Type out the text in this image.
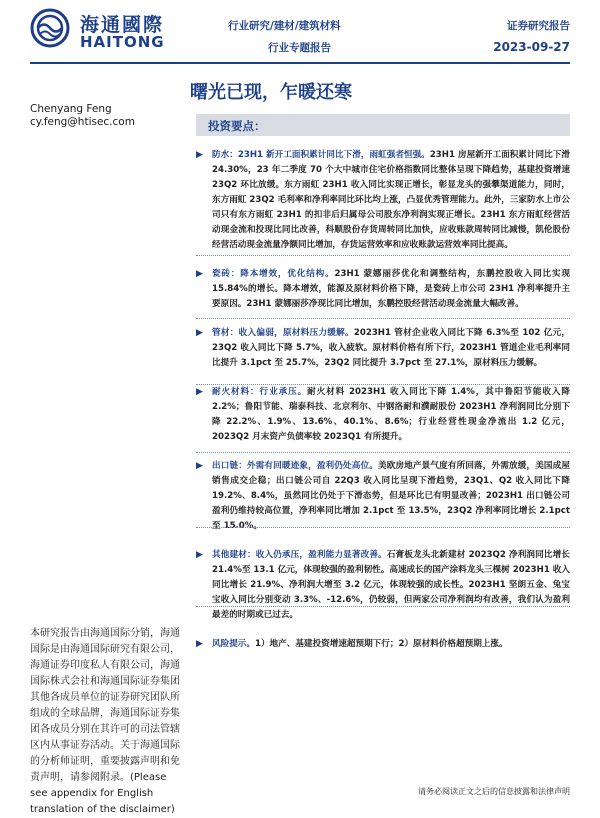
海通國際
HAITONG
行业研究/建材/建筑材料
行业专题报告
证券研究报告
2023-09-27
曙光已现，乍暖还寒
Chenyang Feng
cy.feng@htisec.com	投资要点：
▶ 防水：23H1 新开工面积累计同比下滑，雨虹强者恒强。23H1 房屋新开工面积累计同比下滑 24.30%，23 年二季度 70 个大中城市住宅价格指数同比整体呈现下降趋势，基建投资增速 23Q2 环比放缓。东方雨虹 23H1 收入同比实现正增长，彰显龙头的强攀渠道能力，同时，东方雨虹 23Q2 毛利率和净利率同比环比均上涨，凸显优秀管理能力。此外，三家防水上市公司只有东方雨虹 23H1 的扣非后归属母公司股东净利润实现正增长。23H1 东方雨虹经营活动现金流和投现比同比改善，科顺股份存货周转同比加快，应收账款周转同比减慢，凯伦股份经营活动现金流量净额同比增加，存货运营效率和应收账款运营效率同比提高。
▶ 瓷砖：降本增效，优化结构。23H1 蒙娜丽莎优化和调整结构，东鹏控股收入同比实现 15.84%的增长。降本增效，能源及原材料价格下降，是瓷砖上市公司 23H1 净利率提升主要原因。23H1 蒙娜丽莎净现比同比增加，东鹏控股经营活动现金流量大幅改善。
▶ 管材：收入偏弱，原材料压力缓解。2023H1 管材企业收入同比下降 6.3%至 102 亿元，23Q2 收入同比下降 5.7%，收入疲软。原材料价格有所下行，2023H1 管道企业毛利率同比提升 3.1pct 至 25.7%，23Q2 同比提升 3.7pct 至 27.1%，原材料压力缓解。
▶ 耐火材料：行业承压。耐火材料 2023H1 收入同比下降 1.4%，其中鲁阳节能收入降 2.2%；鲁阳节能、瑞泰科技、北京利尔、中钢洛耐和濮耐股份 2023H1 净利润同比分别下降 22.2%、1.9%、13.6%、40.1%、8.6%；行业经营性现金净流出 1.2 亿元，2023Q2 月末资产负债率较 2023Q1 有所提升。
▶ 出口链：外需有回暖迹象，盈利仍处高位。美欧房地产景气度有所回落，外需放缓，美国成屋销售成交企稳；出口链公司自 22Q3 收入同比呈现下滑趋势，23Q1、Q2 收入同比下降 19.2%、8.4%，虽然同比仍处于下滑态势，但是环比已有明显改善；2023H1 出口链公司盈利仍维持较高位置，净利率同比增加 2.1pct 至 13.5%，23Q2 净利率同比增长 2.1pct 至 15.0%。
▶ 其他建材：收入仍承压，盈利能力显著改善。石膏板龙头北新建材 2023Q2 净利润同比增长 21.4%至 13.1 亿元，体现较强的盈利韧性。高速成长的国产涂料龙头三棵树 2023H1 收入同比增长 21.9%、净利润大增至 3.2 亿元，体现较强的成长性。2023H1 坚朗五金、兔宝宝收入同比分别变动 3.3%、-12.6%，仍较弱，但两家公司净利润均有改善，我们认为盈利最差的时期或已过去。
▶ 风险提示。1）地产、基建投资增速超预期下行；2）原材料价格超预期上涨。
本研究报告由海通国际分销，海通国际是由海通国际研究有限公司，海通证券印度私人有限公司，海通国际株式会社和海通国际证券集团其他各成员单位的证券研究团队所组成的全球品牌，海通国际证券集团各成员分别在其许可的司法管辖区内从事证券活动。关于海通国际的分析师证明，重要披露声明和免责声明，请参阅附录。(Please see appendix for English translation of the disclaimer)
请务必阅读正文之后的信息披露和法律声明
